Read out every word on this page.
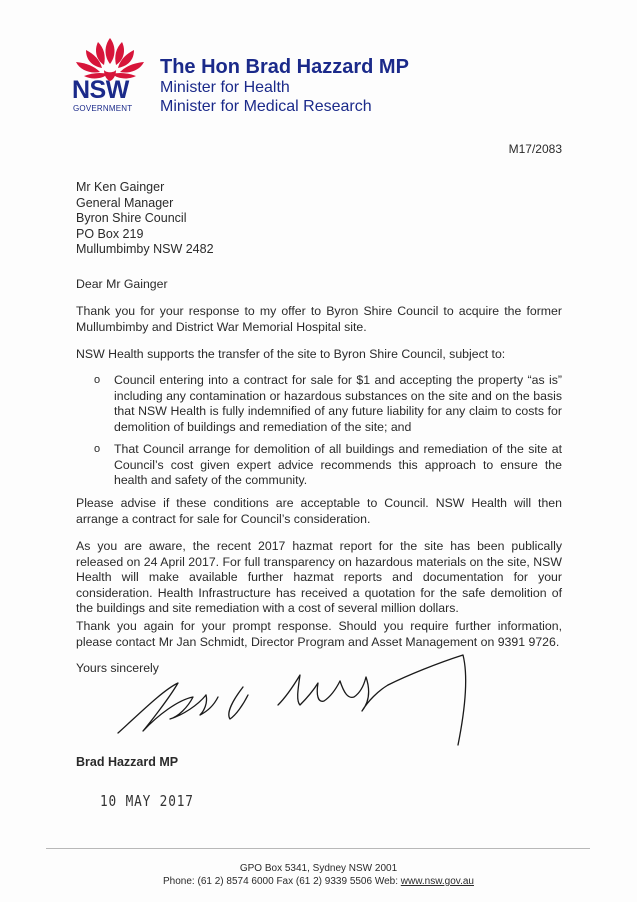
NSW
GOVERNMENT
The Hon Brad Hazzard MP
Minister for Health
Minister for Medical Research
M17/2083
Mr Ken Gainger
General Manager
Byron Shire Council
PO Box 219
Mullumbimby NSW 2482
Dear Mr Gainger
Thank you for your response to my offer to Byron Shire Council to acquire the former Mullumbimby and District War Memorial Hospital site.
NSW Health supports the transfer of the site to Byron Shire Council, subject to:
o Council entering into a contract for sale for $1 and accepting the property “as is” including any contamination or hazardous substances on the site and on the basis that NSW Health is fully indemnified of any future liability for any claim to costs for demolition of buildings and remediation of the site; and
o That Council arrange for demolition of all buildings and remediation of the site at Council’s cost given expert advice recommends this approach to ensure the health and safety of the community.
Please advise if these conditions are acceptable to Council. NSW Health will then arrange a contract for sale for Council’s consideration.
As you are aware, the recent 2017 hazmat report for the site has been publically released on 24 April 2017. For full transparency on hazardous materials on the site, NSW Health will make available further hazmat reports and documentation for your consideration. Health Infrastructure has received a quotation for the safe demolition of the buildings and site remediation with a cost of several million dollars.
Thank you again for your prompt response. Should you require further information, please contact Mr Jan Schmidt, Director Program and Asset Management on 9391 9726.
Yours sincerely
Brad Hazzard MP
10 MAY 2017
GPO Box 5341, Sydney NSW 2001
Phone: (61 2) 8574 6000 Fax (61 2) 9339 5506 Web: www.nsw.gov.au
